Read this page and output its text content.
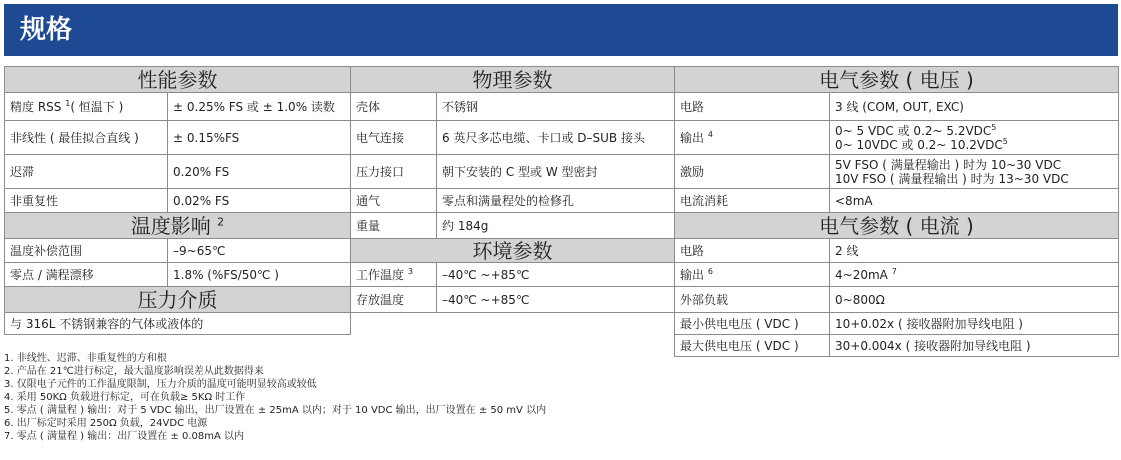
规格
性能参数	
精度 RSS $^1$( 恒温下 )	± 0.25% FS 或 ± 1.0% 读数
非线性 ( 最佳拟合直线 )	± 0.15%FS
迟滞	0.20% FS
非重复性	0.02% FS
温度影响 $^2$
温度补偿范围	–9~65℃
零点 / 满程漂移	1.8% (%FS/50℃ )
压力介质	
与 316L 不锈钢兼容的气体或液体的	
物理参数	
壳体	不锈钢
电气连接	6 英尺多芯电缆、卡口或 D–SUB 接头
压力接口	朝下安装的 C 型或 W 型密封
通气	零点和满量程处的检修孔
重量	约 184g
环境参数	
工作温度 $^3$	–40℃ ~+85℃
存放温度	–40℃ ~+85℃
电气参数 ( 电压 )	
电路	3 线 (COM, OUT, EXC)
输出 $^4$	0~ 5 VDC 或 0.2~ 5.2VDC$^5$
0~ 10VDC 或 0.2~ 10.2VDC$^5$

激励	5V FSO ( 满量程输出 ) 时为 10~30 VDC
10V FSO ( 满量程输出 ) 时为 13~30 VDC

电流消耗	<8mA
电气参数 ( 电流 )	
电路	2 线
输出 $^6$	4~20mA $^7$
外部负载	0~800Ω
最小供电电压 ( VDC )	10+0.02x ( 接收器附加导线电阻 )
最大供电电压 ( VDC )	30+0.004x ( 接收器附加导线电阻 )
1. 非线性、迟滞、非重复性的方和根
2. 产品在 21℃进行标定，最大温度影响误差从此数据得来
3. 仅限电子元件的工作温度限制，压力介质的温度可能明显较高或较低
4. 采用 50KΩ 负载进行标定，可在负载≥ 5KΩ 时工作
5. 零点 ( 满量程 ) 输出：对于 5 VDC 输出，出厂设置在 ± 25mA 以内；对于 10 VDC 输出，出厂设置在 ± 50 mV 以内
6. 出厂标定时采用 250Ω 负载，24VDC 电源
7. 零点 ( 满量程 ) 输出：出厂设置在 ± 0.08mA 以内
